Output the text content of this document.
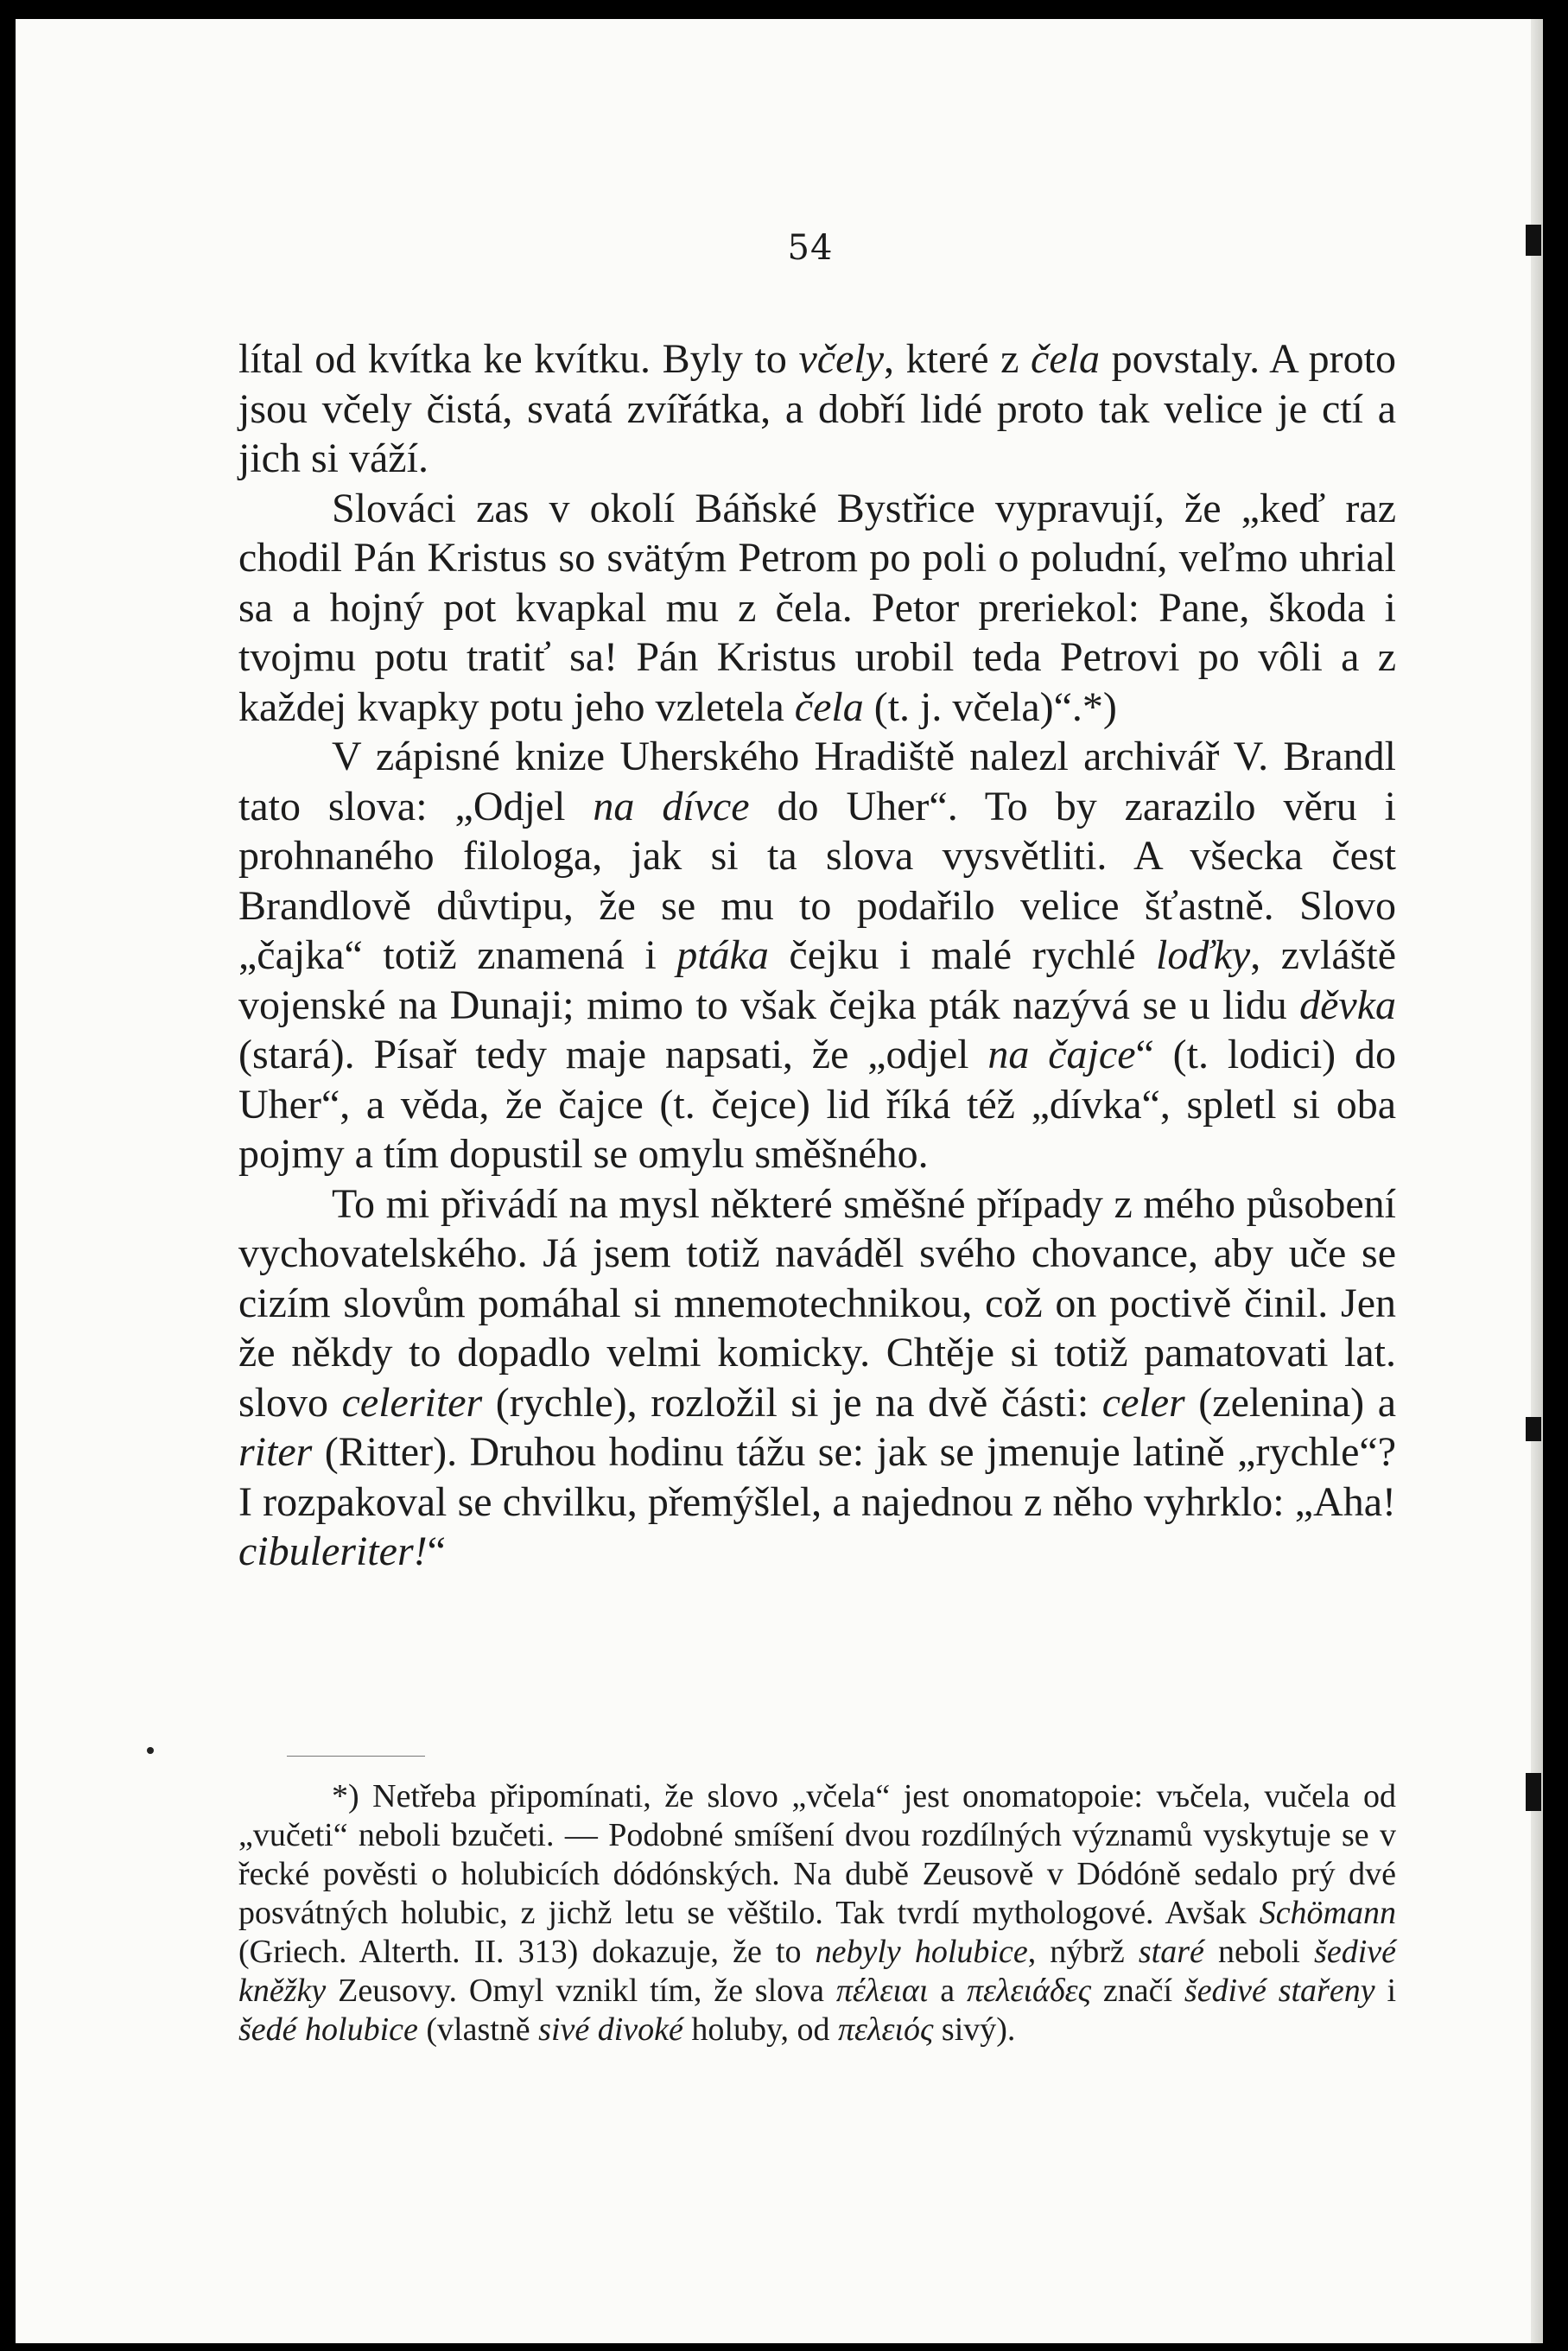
54

lítal od kvítka ke kvítku. Byly to včely, které z čela povstaly. A proto jsou včely čistá, svatá zvířátka, a dobří lidé proto tak velice je ctí a jich si váží.

Slováci zas v okolí Báňské Bystřice vypravují, že „keď raz chodil Pán Kristus so svätým Petrom po poli o poludní, veľmo uhrial sa a hojný pot kvapkal mu z čela. Petor preriekol: Pane, škoda i tvojmu potu tratiť sa! Pán Kristus urobil teda Petrovi po vôli a z každej kvapky potu jeho vzletela čela (t. j. včela)“.*)

V zápisné knize Uherského Hradiště nalezl archivář V. Brandl tato slova: „Odjel na dívce do Uher“. To by zarazilo věru i prohnaného filologa, jak si ta slova vysvětliti. A všecka čest Brandlově důvtipu, že se mu to podařilo velice šťastně. Slovo „čajka“ totiž znamená i ptáka čejku i malé rychlé loďky, zvláště vojenské na Dunaji; mimo to však čejka pták nazývá se u lidu děvka (stará). Písař tedy maje napsati, že „odjel na čajce“ (t. lodici) do Uher“, a věda, že čajce (t. čejce) lid říká též „dívka“, spletl si oba pojmy a tím dopustil se omylu směšného.

To mi přivádí na mysl některé směšné případy z mého působení vychovatelského. Já jsem totiž naváděl svého chovance, aby uče se cizím slovům pomáhal si mnemotechnikou, což on poctivě činil. Jen že někdy to dopadlo velmi komicky. Chtěje si totiž pamatovati lat. slovo celeriter (rychle), rozložil si je na dvě části: celer (zelenina) a riter (Ritter). Druhou hodinu tážu se: jak se jmenuje latině „rychle“? I rozpakoval se chvilku, přemýšlel, a najednou z něho vyhrklo: „Aha! cibuleriter!“

*) Netřeba připomínati, že slovo „včela“ jest onomatopoie: vъčela, vučela od „vučeti“ neboli bzučeti. — Podobné smíšení dvou rozdílných významů vyskytuje se v řecké pověsti o holubicích dódónských. Na dubě Zeusově v Dódóně sedalo prý dvé posvátných holubic, z jichž letu se věštilo. Tak tvrdí mythologové. Avšak Schömann (Griech. Alterth. II. 313) dokazuje, že to nebyly holubice, nýbrž staré neboli šedivé kněžky Zeusovy. Omyl vznikl tím, že slova πέλειαι a πελειάδες značí šedivé stařeny i šedé holubice (vlastně sivé divoké holuby, od πελειός sivý).
